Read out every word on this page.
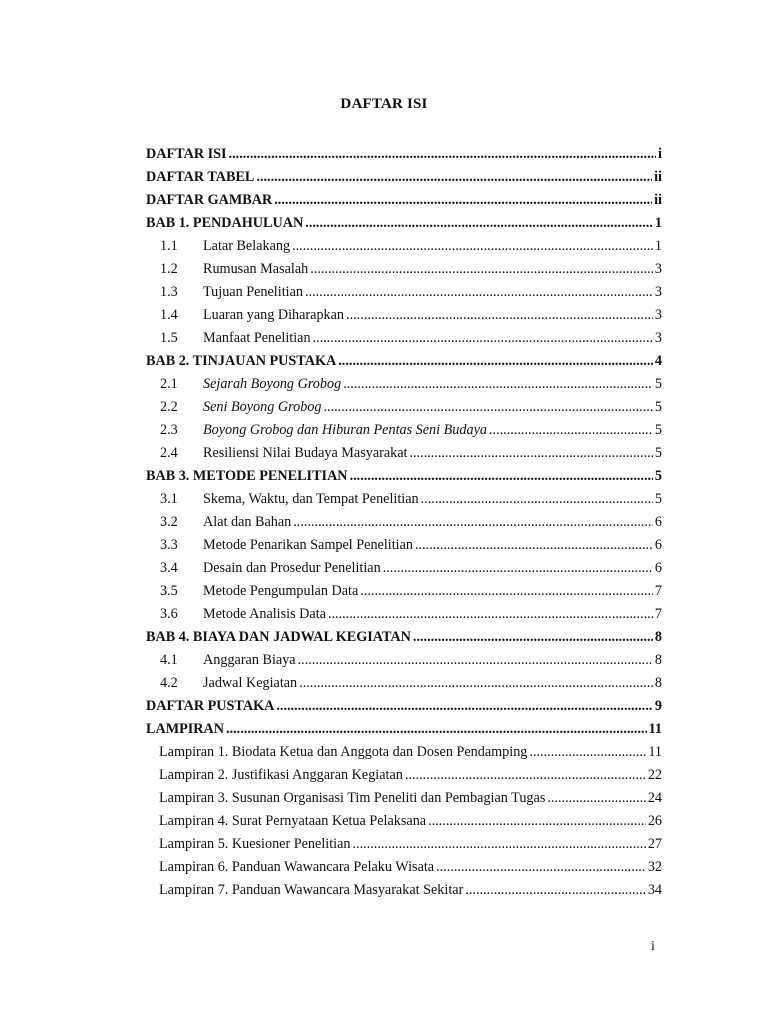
DAFTAR ISI
DAFTAR ISI .....	i
DAFTAR TABEL .....	ii
DAFTAR GAMBAR .....	ii
BAB 1. PENDAHULUAN .....	1
1.1	Latar Belakang .....	1
1.2	Rumusan Masalah .....	3
1.3	Tujuan Penelitian .....	3
1.4	Luaran yang Diharapkan .....	3
1.5	Manfaat Penelitian .....	3
BAB 2. TINJAUAN PUSTAKA .....	4
2.1	Sejarah Boyong Grobog .....	5
2.2	Seni Boyong Grobog .....	5
2.3	Boyong Grobog dan Hiburan Pentas Seni Budaya .....	5
2.4	Resiliensi Nilai Budaya Masyarakat .....	5
BAB 3. METODE PENELITIAN .....	5
3.1	Skema, Waktu, dan Tempat Penelitian .....	5
3.2	Alat dan Bahan .....	6
3.3	Metode Penarikan Sampel Penelitian .....	6
3.4	Desain dan Prosedur Penelitian .....	6
3.5	Metode Pengumpulan Data .....	7
3.6	Metode Analisis Data .....	7
BAB 4. BIAYA DAN JADWAL KEGIATAN .....	8
4.1	Anggaran Biaya .....	8
4.2	Jadwal Kegiatan .....	8
DAFTAR PUSTAKA .....	9
LAMPIRAN .....	11
Lampiran 1. Biodata Ketua dan Anggota dan Dosen Pendamping .....	11
Lampiran 2. Justifikasi Anggaran Kegiatan .....	22
Lampiran 3. Susunan Organisasi Tim Peneliti dan Pembagian Tugas .....	24
Lampiran 4. Surat Pernyataan Ketua Pelaksana .....	26
Lampiran 5. Kuesioner Penelitian .....	27
Lampiran 6. Panduan Wawancara Pelaku Wisata .....	32
Lampiran 7. Panduan Wawancara Masyarakat Sekitar .....	34
i
